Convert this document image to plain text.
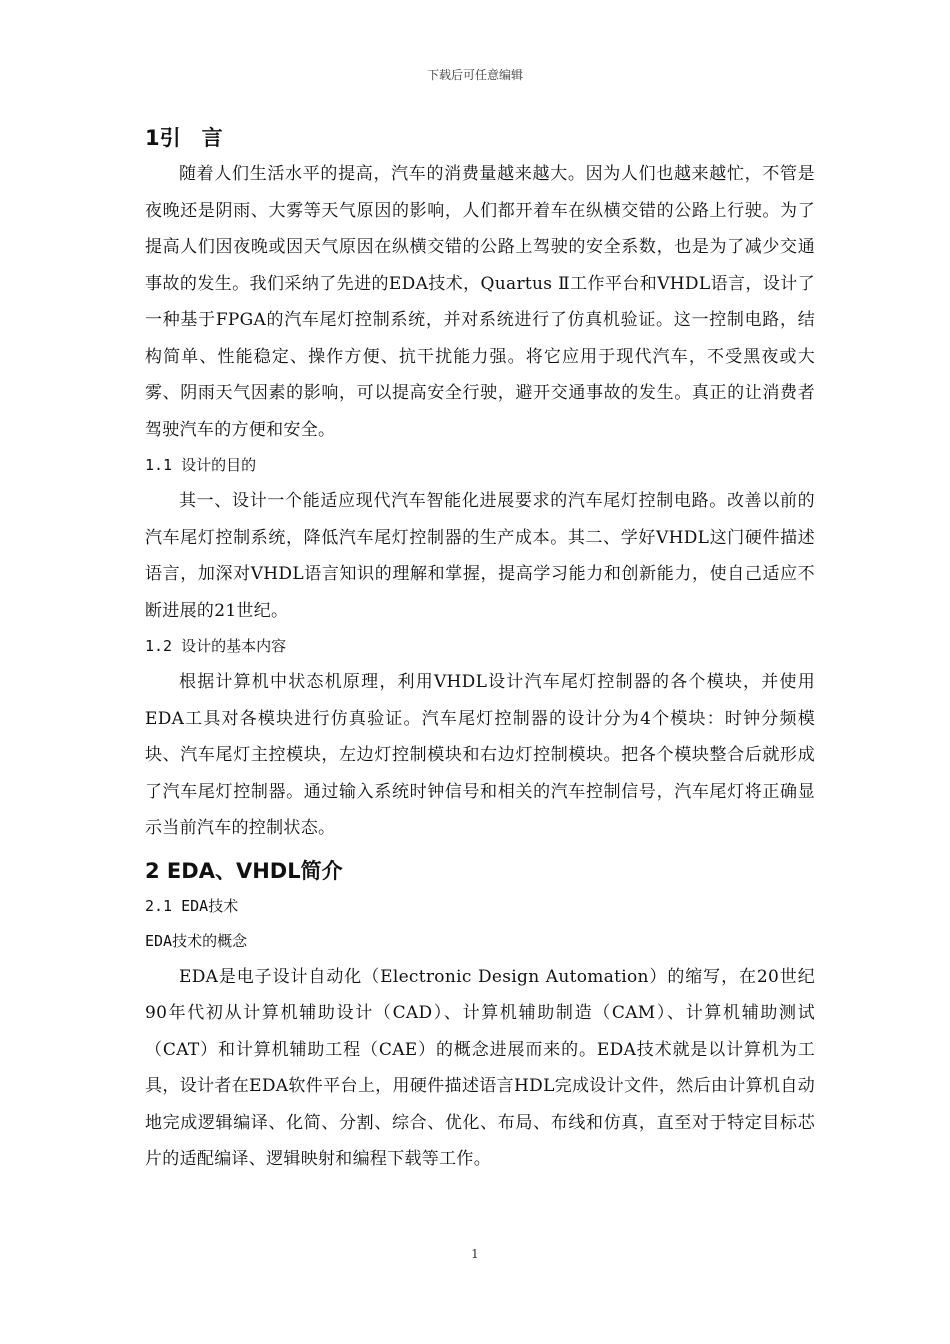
下载后可任意编辑
1引　言

随着人们生活水平的提高，汽车的消费量越来越大。因为人们也越来越忙，不管是夜晚还是阴雨、大雾等天气原因的影响，人们都开着车在纵横交错的公路上行驶。为了提高人们因夜晚或因天气原因在纵横交错的公路上驾驶的安全系数，也是为了减少交通事故的发生。我们采纳了先进的EDA技术，Quartus Ⅱ工作平台和VHDL语言，设计了一种基于FPGA的汽车尾灯控制系统，并对系统进行了仿真机验证。这一控制电路，结构简单、性能稳定、操作方便、抗干扰能力强。将它应用于现代汽车，不受黑夜或大雾、阴雨天气因素的影响，可以提高安全行驶，避开交通事故的发生。真正的让消费者驾驶汽车的方便和安全。

1.1 设计的目的

其一、设计一个能适应现代汽车智能化进展要求的汽车尾灯控制电路。改善以前的汽车尾灯控制系统，降低汽车尾灯控制器的生产成本。其二、学好VHDL这门硬件描述语言，加深对VHDL语言知识的理解和掌握，提高学习能力和创新能力，使自己适应不断进展的21世纪。

1.2 设计的基本内容

根据计算机中状态机原理，利用VHDL设计汽车尾灯控制器的各个模块，并使用EDA工具对各模块进行仿真验证。汽车尾灯控制器的设计分为4个模块：时钟分频模块、汽车尾灯主控模块，左边灯控制模块和右边灯控制模块。把各个模块整合后就形成了汽车尾灯控制器。通过输入系统时钟信号和相关的汽车控制信号，汽车尾灯将正确显示当前汽车的控制状态。

2 EDA、VHDL简介

2.1 EDA技术

EDA技术的概念

EDA是电子设计自动化（Electronic Design Automation）的缩写，在20世纪90年代初从计算机辅助设计（CAD）、计算机辅助制造（CAM）、计算机辅助测试（CAT）和计算机辅助工程（CAE）的概念进展而来的。EDA技术就是以计算机为工具，设计者在EDA软件平台上，用硬件描述语言HDL完成设计文件，然后由计算机自动地完成逻辑编译、化简、分割、综合、优化、布局、布线和仿真，直至对于特定目标芯片的适配编译、逻辑映射和编程下载等工作。

1
